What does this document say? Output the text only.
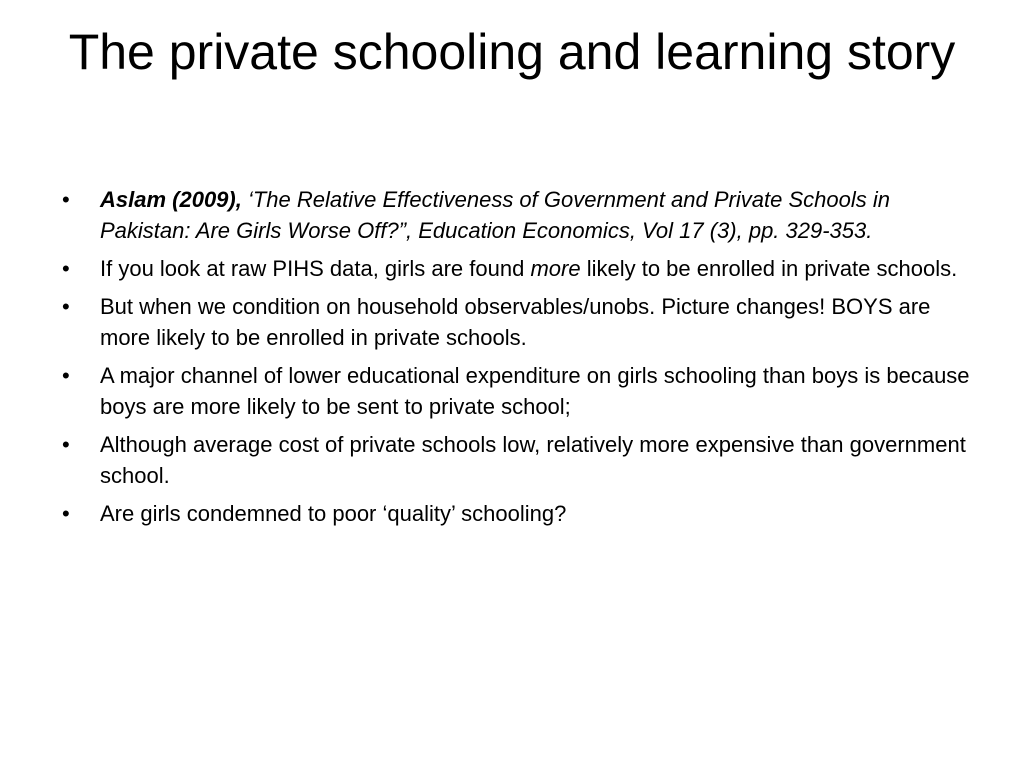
The private schooling and learning story
•	Aslam (2009), ‘The Relative Effectiveness of Government and Private Schools in Pakistan: Are Girls Worse Off?”, Education Economics, Vol 17 (3), pp. 329-353.
•	If you look at raw PIHS data, girls are found more likely to be enrolled in private schools.
•	But when we condition on household observables/unobs. Picture changes! BOYS are more likely to be enrolled in private schools.
•	A major channel of lower educational expenditure on girls schooling than boys is because boys are more likely to be sent to private school;
•	Although average cost of private schools low, relatively more expensive than government school.
•	Are girls condemned to poor ‘quality’ schooling?
